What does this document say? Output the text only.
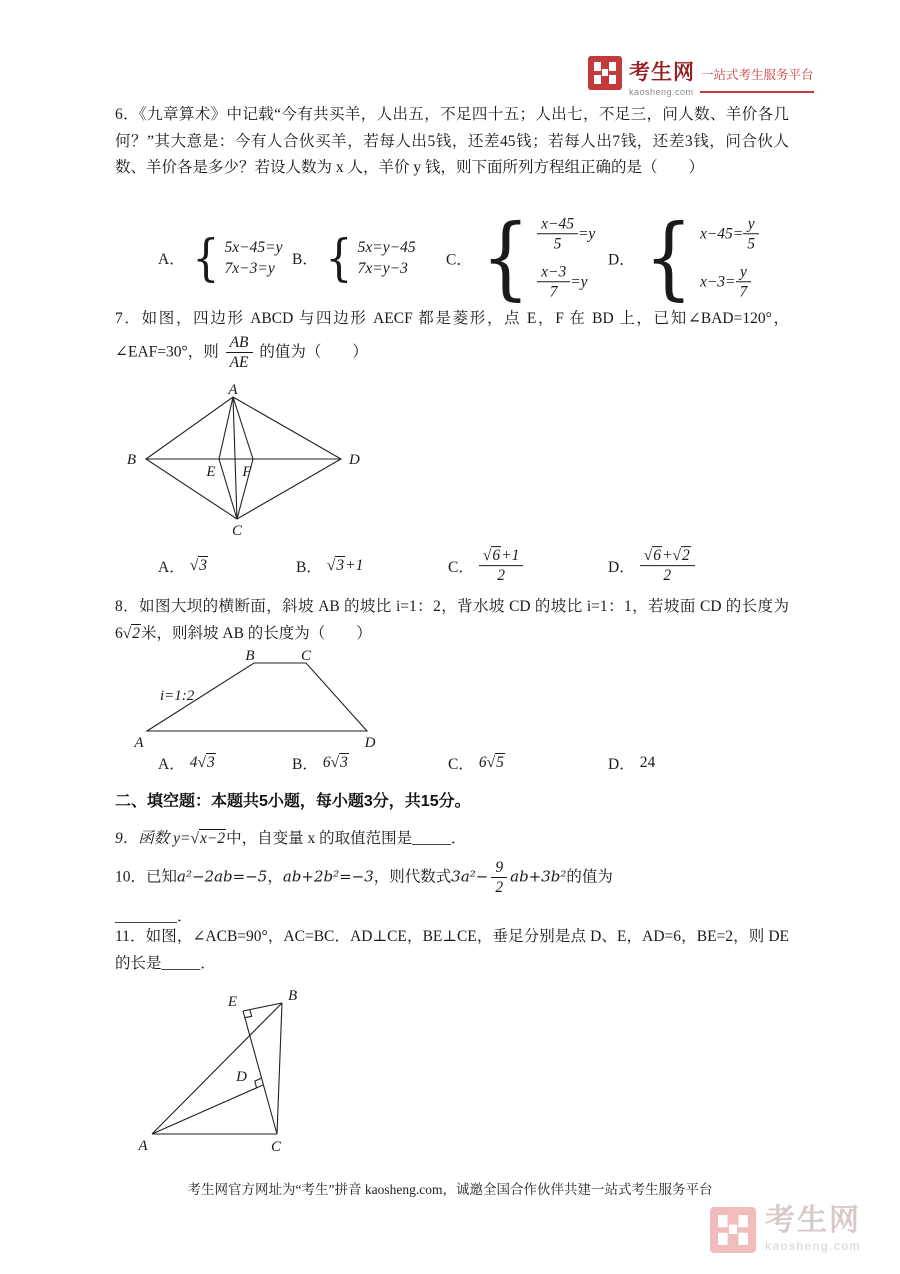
考生网 一站式考生服务平台
kaosheng.com
6．《九章算术》中记载“今有共买羊，人出五，不足四十五；人出七，不足三，问人数、羊价各几何？”其大意是：今有人合伙买羊，若每人出5钱，还差45钱；若每人出7钱，还差3钱，问合伙人数、羊价各是多少？若设人数为 x 人，羊价 y 钱，则下面所列方程组正确的是（　　）
A． { 5x−45=y
7x−3=y B． { 5x=y−45
7x=y−3 C． { $\frac{x-45}{5} =y$
$\frac{x-3}{7} =y$
D． { $x-45= \frac{y}{5}$
$x-3= \frac{y}{7}$
7．如图，四边形 ABCD 与四边形 AECF 都是菱形，点 E，F 在 BD 上，已知∠BAD=120°，∠EAF=30°，则 $\frac{AB}{AE}$ 的值为（　　）
A
B
C
D
E F
A． √3	B． √3 +1	C． $\frac{√6+1}{2}$	D． $\frac{√6+√2}{2}$
8．如图大坝的横断面，斜坡 AB 的坡比 i=1：2，背水坡 CD 的坡比 i=1：1，若坡面 CD 的长度为6√2米，则斜坡 AB 的长度为（　　）
i=1:2
A
B	C
D
A． 4 √3	B． 6 √3	C． 6 √5	D． 24
二、填空题：本题共5小题，每小题3分，共15分。
9．函数 y=√x−2中，自变量 x 的取值范围是_____．
10．已知a²−2ab=−5，ab+2b²=−3，则代数式$3a^2- \frac{9}{2} ab+3b^2$的值为
________．
11．如图，∠ACB=90°，AC=BC．AD⊥CE，BE⊥CE，垂足分别是点 D、E，AD=6，BE=2，则 DE 的长是_____．
A
B
C
D
E
考生网官方网址为“考生”拼音 kaosheng.com，诚邀全国合作伙伴共建一站式考生服务平台
考生网
kaosheng.com
